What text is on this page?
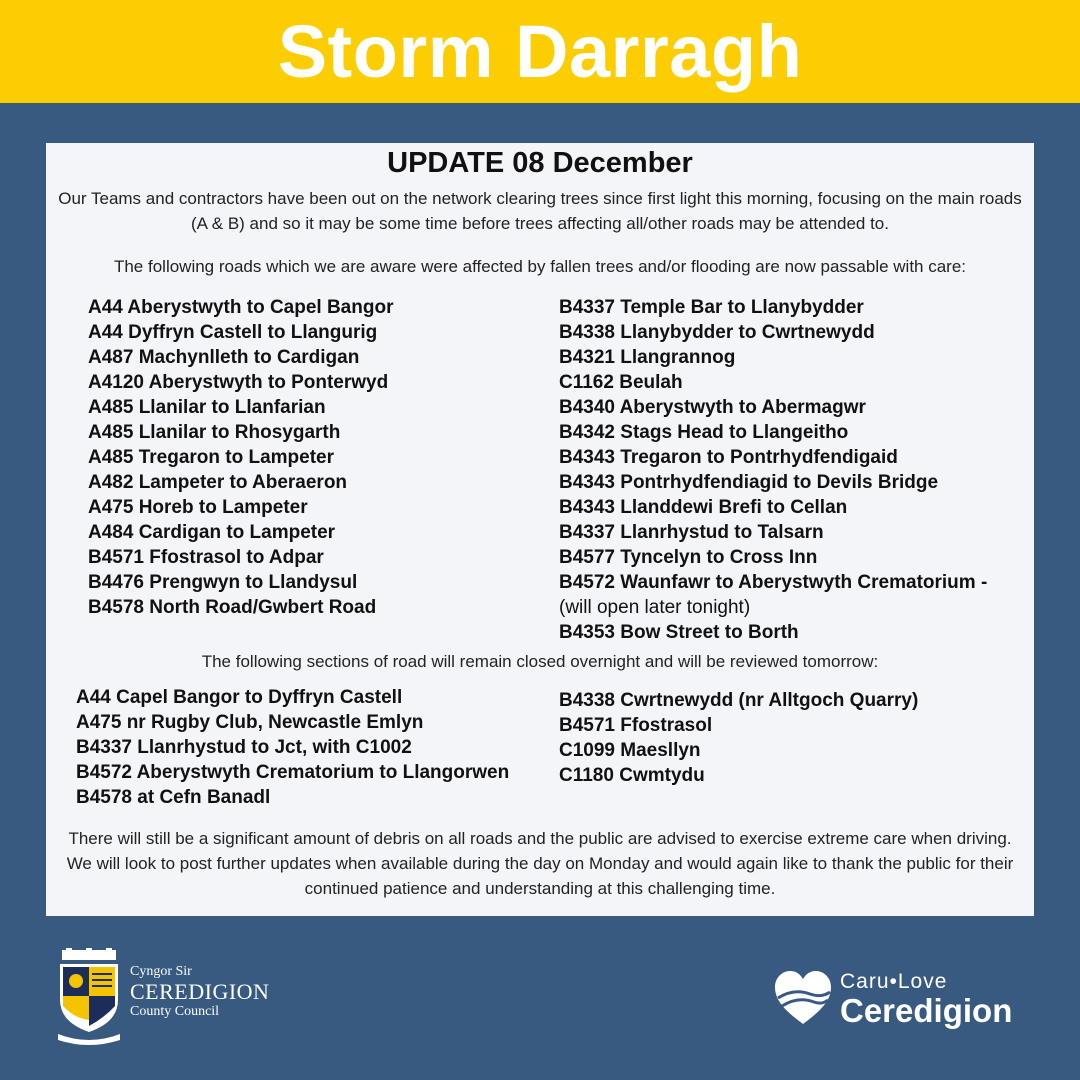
Storm Darragh
UPDATE 08 December
Our Teams and contractors have been out on the network clearing trees since first light this morning, focusing on the main roads (A & B) and so it may be some time before trees affecting all/other roads may be attended to.
The following roads which we are aware were affected by fallen trees and/or flooding are now passable with care:
A44 Aberystwyth to Capel Bangor
A44 Dyffryn Castell to Llangurig
A487 Machynlleth to Cardigan
A4120 Aberystwyth to Ponterwyd
A485 Llanilar to Llanfarian
A485 Llanilar to Rhosygarth
A485 Tregaron to Lampeter
A482 Lampeter to Aberaeron
A475 Horeb to Lampeter
A484 Cardigan to Lampeter
B4571 Ffostrasol to Adpar
B4476 Prengwyn to Llandysul
B4578 North Road/Gwbert Road
B4337 Temple Bar to Llanybydder
B4338 Llanybydder to Cwrtnewydd
B4321 Llangrannog
C1162 Beulah
B4340 Aberystwyth to Abermagwr
B4342 Stags Head to Llangeitho
B4343 Tregaron to Pontrhydfendigaid
B4343 Pontrhydfendiagid to Devils Bridge
B4343 Llanddewi Brefi to Cellan
B4337 Llanrhystud to Talsarn
B4577 Tyncelyn to Cross Inn
B4572 Waunfawr to Aberystwyth Crematorium -
(will open later tonight)
B4353 Bow Street to Borth
The following sections of road will remain closed overnight and will be reviewed tomorrow:
A44 Capel Bangor to Dyffryn Castell
A475 nr Rugby Club, Newcastle Emlyn
B4337 Llanrhystud to Jct, with C1002
B4572 Aberystwyth Crematorium to Llangorwen
B4578 at Cefn Banadl
B4338 Cwrtnewydd (nr Alltgoch Quarry)
B4571 Ffostrasol
C1099 Maesllyn
C1180 Cwmtydu
There will still be a significant amount of debris on all roads and the public are advised to exercise extreme care when driving. We will look to post further updates when available during the day on Monday and would again like to thank the public for their continued patience and understanding at this challenging time.
Cyngor Sir
CEREDIGION
County Council
Caru•Love
Ceredigion
